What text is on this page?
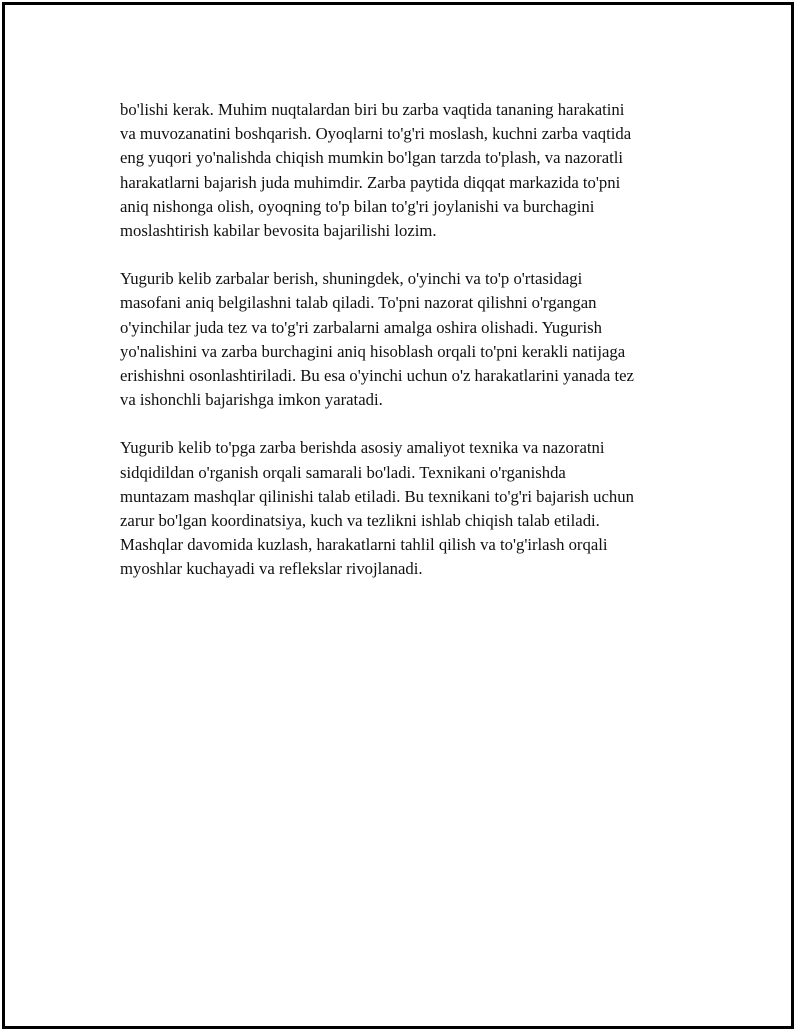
bo'lishi kerak. Muhim nuqtalardan biri bu zarba vaqtida tananing harakatini
va muvozanatini boshqarish. Oyoqlarni to'g'ri moslash, kuchni zarba vaqtida
eng yuqori yo'nalishda chiqish mumkin bo'lgan tarzda to'plash, va nazoratli
harakatlarni bajarish juda muhimdir. Zarba paytida diqqat markazida to'pni
aniq nishonga olish, oyoqning to'p bilan to'g'ri joylanishi va burchagini
moslashtirish kabilar bevosita bajarilishi lozim.

Yugurib kelib zarbalar berish, shuningdek, o'yinchi va to'p o'rtasidagi
masofani aniq belgilashni talab qiladi. To'pni nazorat qilishni o'rgangan
o'yinchilar juda tez va to'g'ri zarbalarni amalga oshira olishadi. Yugurish
yo'nalishini va zarba burchagini aniq hisoblash orqali to'pni kerakli natijaga
erishishni osonlashtiriladi. Bu esa o'yinchi uchun o'z harakatlarini yanada tez
va ishonchli bajarishga imkon yaratadi.

Yugurib kelib to'pga zarba berishda asosiy amaliyot texnika va nazoratni
sidqidildan o'rganish orqali samarali bo'ladi. Texnikani o'rganishda
muntazam mashqlar qilinishi talab etiladi. Bu texnikani to'g'ri bajarish uchun
zarur bo'lgan koordinatsiya, kuch va tezlikni ishlab chiqish talab etiladi.
Mashqlar davomida kuzlash, harakatlarni tahlil qilish va to'g'irlash orqali
myoshlar kuchayadi va reflekslar rivojlanadi.
